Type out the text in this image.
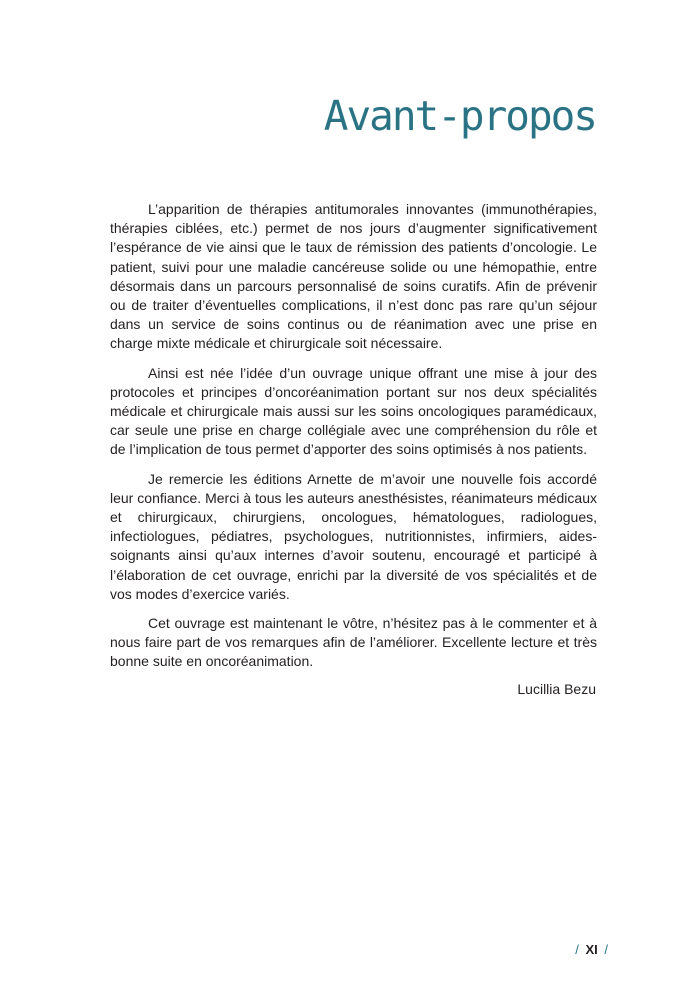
Avant-propos

L’apparition de thérapies antitumorales innovantes (immunothérapies, thérapies ciblées, etc.) permet de nos jours d’augmenter significativement l’espérance de vie ainsi que le taux de rémission des patients d’oncologie. Le patient, suivi pour une maladie cancéreuse solide ou une hémopathie, entre désormais dans un parcours personnalisé de soins curatifs. Afin de prévenir ou de traiter d’éventuelles complications, il n’est donc pas rare qu’un séjour dans un service de soins continus ou de réanimation avec une prise en charge mixte médicale et chirurgicale soit nécessaire.

Ainsi est née l’idée d’un ouvrage unique offrant une mise à jour des protocoles et principes d’oncoréanimation portant sur nos deux spécialités médicale et chirurgicale mais aussi sur les soins oncologiques paramédicaux, car seule une prise en charge collégiale avec une compréhension du rôle et de l’implication de tous permet d’apporter des soins optimisés à nos patients.

Je remercie les éditions Arnette de m’avoir une nouvelle fois accordé leur confiance. Merci à tous les auteurs anesthésistes, réanimateurs médicaux et chirurgicaux, chirurgiens, oncologues, hématologues, radiologues, infectiologues, pédiatres, psychologues, nutritionnistes, infirmiers, aides-soignants ainsi qu’aux internes d’avoir soutenu, encouragé et participé à l’élaboration de cet ouvrage, enrichi par la diversité de vos spécialités et de vos modes d’exercice variés.

Cet ouvrage est maintenant le vôtre, n’hésitez pas à le commenter et à nous faire part de vos remarques afin de l’améliorer. Excellente lecture et très bonne suite en oncoréanimation.

Lucillia Bezu

/ XI /
